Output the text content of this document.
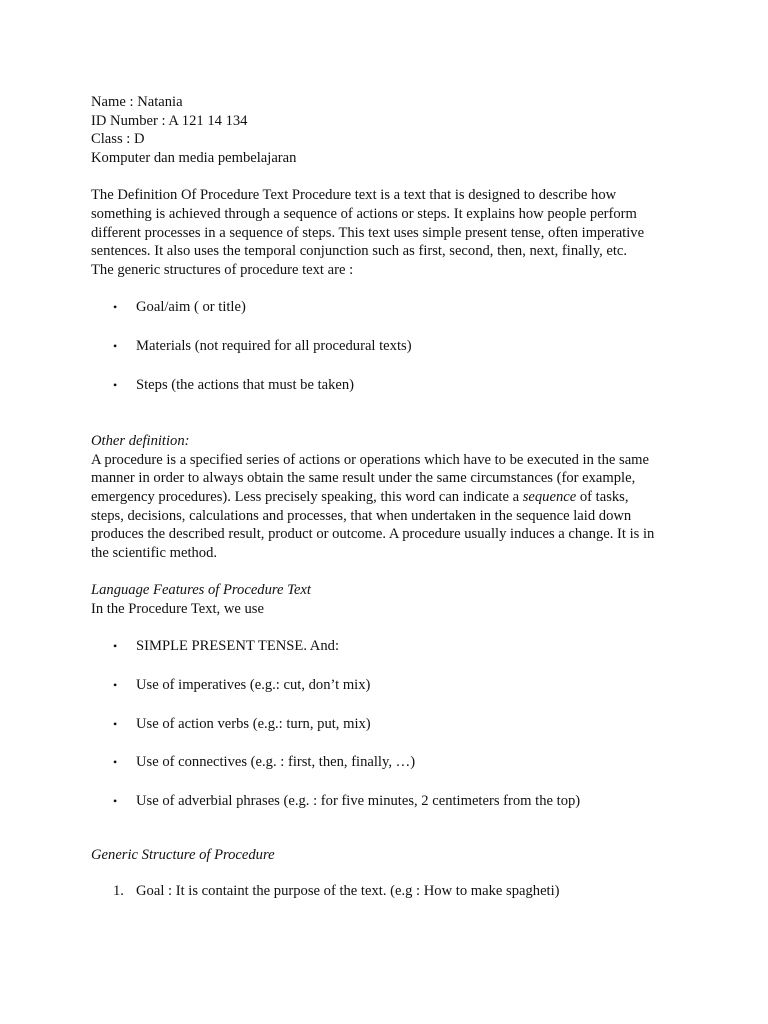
Name : Natania
ID Number : A 121 14 134
Class : D
Komputer dan media pembelajaran
The Definition Of Procedure Text Procedure text is a text that is designed to describe how
something is achieved through a sequence of actions or steps. It explains how people perform
different processes in a sequence of steps. This text uses simple present tense, often imperative
sentences. It also uses the temporal conjunction such as first, second, then, next, finally, etc.
The generic structures of procedure text are :
• Goal/aim ( or title)
• Materials (not required for all procedural texts)
• Steps (the actions that must be taken)
Other definition:
A procedure is a specified series of actions or operations which have to be executed in the same
manner in order to always obtain the same result under the same circumstances (for example,
emergency procedures). Less precisely speaking, this word can indicate a sequence of tasks,
steps, decisions, calculations and processes, that when undertaken in the sequence laid down
produces the described result, product or outcome. A procedure usually induces a change. It is in
the scientific method.
Language Features of Procedure Text
In the Procedure Text, we use
• SIMPLE PRESENT TENSE. And:
• Use of imperatives (e.g.: cut, don’t mix)
• Use of action verbs (e.g.: turn, put, mix)
• Use of connectives (e.g. : first, then, finally, …)
• Use of adverbial phrases (e.g. : for five minutes, 2 centimeters from the top)
Generic Structure of Procedure
1. Goal : It is containt the purpose of the text. (e.g : How to make spagheti)
